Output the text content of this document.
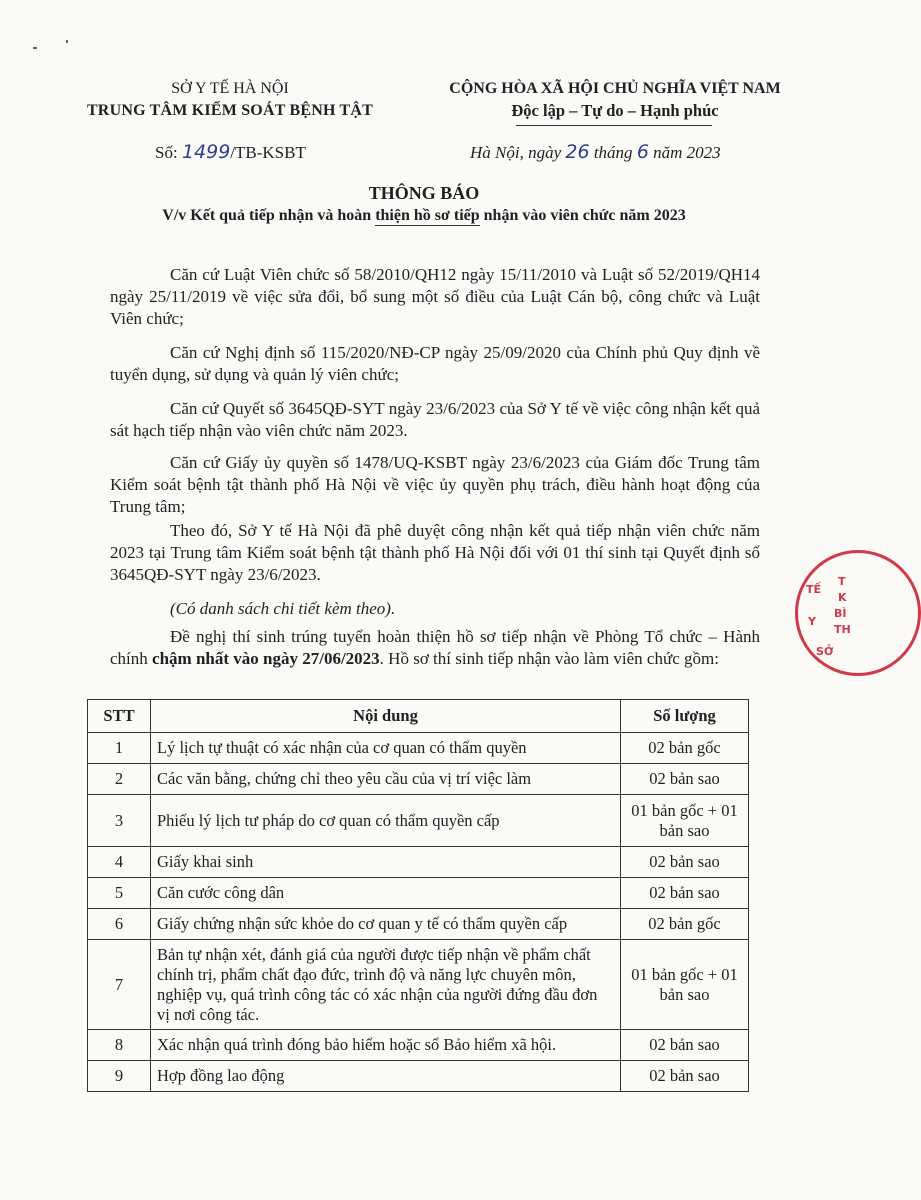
SỞ Y TẾ HÀ NỘI
TRUNG TÂM KIỂM SOÁT BỆNH TẬT
CỘNG HÒA XÃ HỘI CHỦ NGHĨA VIỆT NAM
Độc lập – Tự do – Hạnh phúc
Số: 1499/TB-KSBT	Hà Nội, ngày 26 tháng 6 năm 2023
THÔNG BÁO
V/v Kết quả tiếp nhận và hoàn thiện hồ sơ tiếp nhận vào viên chức năm 2023
Căn cứ Luật Viên chức số 58/2010/QH12 ngày 15/11/2010 và Luật số 52/2019/QH14 ngày 25/11/2019 về việc sửa đổi, bổ sung một số điều của Luật Cán bộ, công chức và Luật Viên chức;
Căn cứ Nghị định số 115/2020/NĐ-CP ngày 25/09/2020 của Chính phủ Quy định về tuyển dụng, sử dụng và quản lý viên chức;
Căn cứ Quyết số 3645QĐ-SYT ngày 23/6/2023 của Sở Y tế về việc công nhận kết quả sát hạch tiếp nhận vào viên chức năm 2023.
Căn cứ Giấy ủy quyền số 1478/UQ-KSBT ngày 23/6/2023 của Giám đốc Trung tâm Kiểm soát bệnh tật thành phố Hà Nội về việc ủy quyền phụ trách, điều hành hoạt động của Trung tâm;
Theo đó, Sở Y tế Hà Nội đã phê duyệt công nhận kết quả tiếp nhận viên chức năm 2023 tại Trung tâm Kiểm soát bệnh tật thành phố Hà Nội đối với 01 thí sinh tại Quyết định số 3645QĐ-SYT ngày 23/6/2023.
(Có danh sách chi tiết kèm theo).
Đề nghị thí sinh trúng tuyển hoàn thiện hồ sơ tiếp nhận về Phòng Tổ chức – Hành chính chậm nhất vào ngày 27/06/2023. Hồ sơ thí sinh tiếp nhận vào làm viên chức gồm:
STT	Nội dung	Số lượng
1	Lý lịch tự thuật có xác nhận của cơ quan có thẩm quyền	02 bản gốc
2	Các văn bằng, chứng chỉ theo yêu cầu của vị trí việc làm	02 bản sao
3	Phiếu lý lịch tư pháp do cơ quan có thẩm quyền cấp	01 bản gốc + 01 bản sao
4	Giấy khai sinh	02 bản sao
5	Căn cước công dân	02 bản sao
6	Giấy chứng nhận sức khỏe do cơ quan y tế có thẩm quyền cấp	02 bản gốc
7	Bản tự nhận xét, đánh giá của người được tiếp nhận về phẩm chất chính trị, phẩm chất đạo đức, trình độ và năng lực chuyên môn, nghiệp vụ, quá trình công tác có xác nhận của người đứng đầu đơn vị nơi công tác.	01 bản gốc + 01 bản sao
8	Xác nhận quá trình đóng bảo hiểm hoặc sổ Bảo hiểm xã hội.	02 bản sao
9	Hợp đồng lao động	02 bản sao
T
K
BÌ
TH
Y
TẾ
SỞ
